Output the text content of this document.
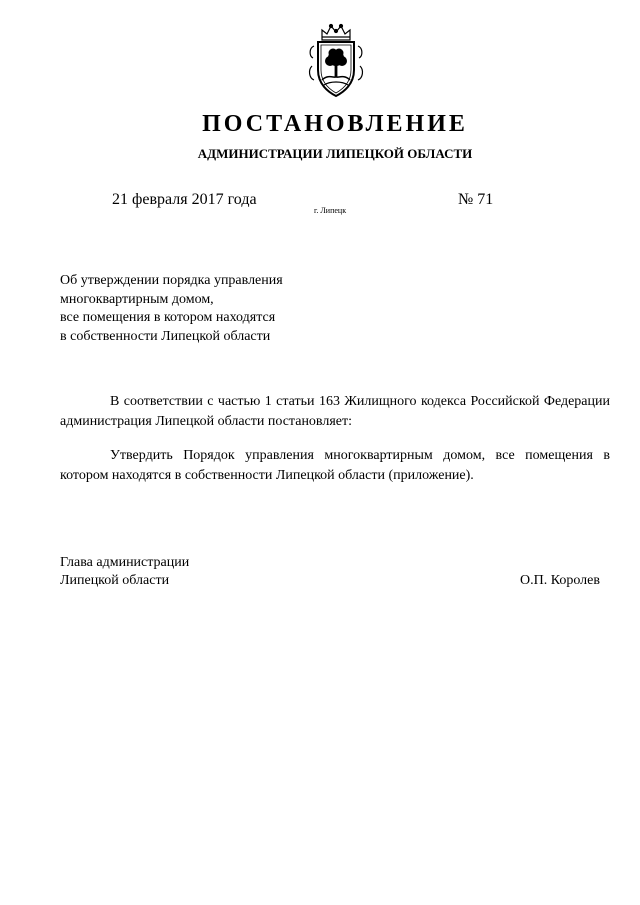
ПОСТАНОВЛЕНИЕ
АДМИНИСТРАЦИИ ЛИПЕЦКОЙ ОБЛАСТИ
21 февраля 2017 года
г. Липецк
№ 71
Об утверждении порядка управления
многоквартирным домом,
все помещения в котором находятся
в собственности Липецкой области
В соответствии с частью 1 статьи 163 Жилищного кодекса Российской Федерации администрация Липецкой области постановляет:
Утвердить Порядок управления многоквартирным домом, все помещения в котором находятся в собственности Липецкой области (приложение).
Глава администрации
Липецкой области	О.П. Королев
